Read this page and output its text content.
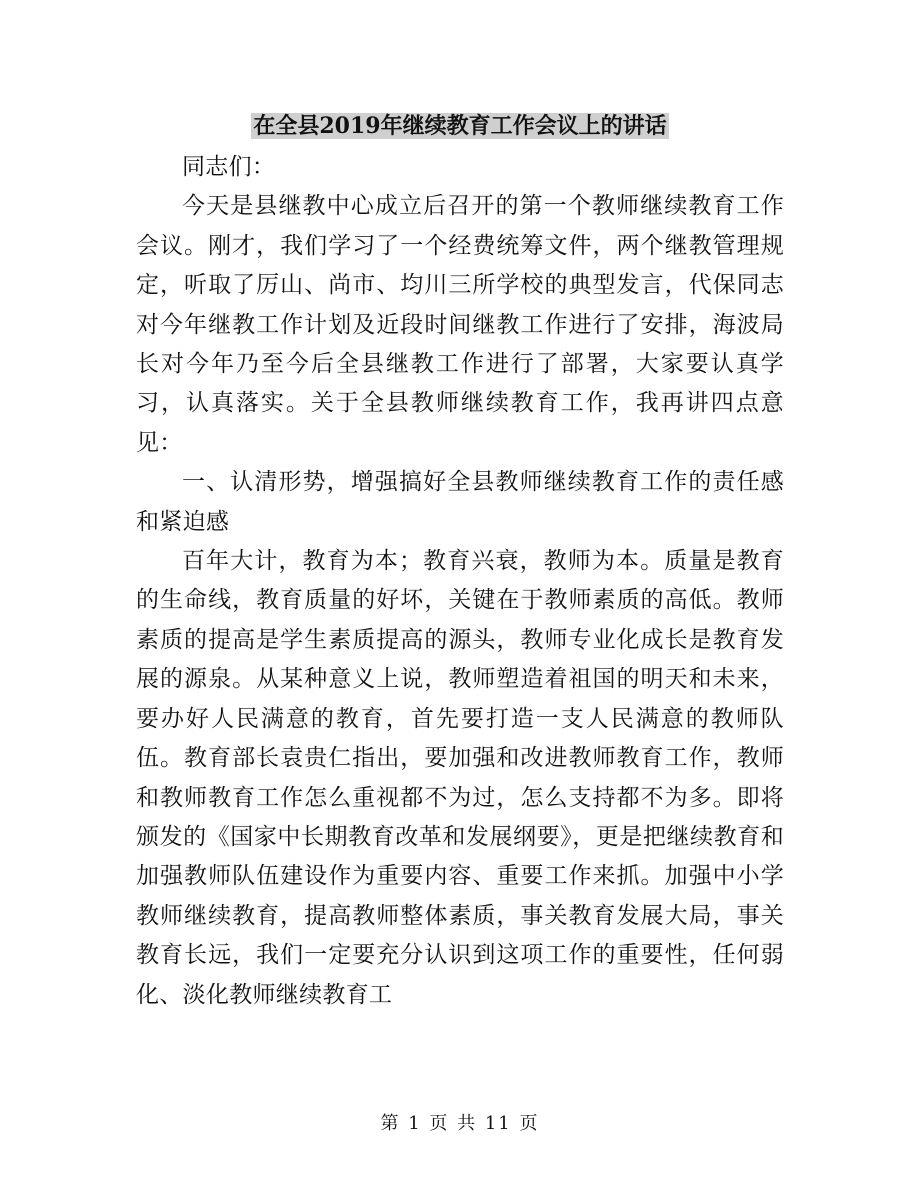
在全县2019年继续教育工作会议上的讲话

同志们：

今天是县继教中心成立后召开的第一个教师继续教育工作会议。刚才，我们学习了一个经费统筹文件，两个继教管理规定，听取了厉山、尚市、均川三所学校的典型发言，代保同志对今年继教工作计划及近段时间继教工作进行了安排，海波局长对今年乃至今后全县继教工作进行了部署，大家要认真学习，认真落实。关于全县教师继续教育工作，我再讲四点意见：

一、认清形势，增强搞好全县教师继续教育工作的责任感和紧迫感

百年大计，教育为本；教育兴衰，教师为本。质量是教育的生命线，教育质量的好坏，关键在于教师素质的高低。教师素质的提高是学生素质提高的源头，教师专业化成长是教育发展的源泉。从某种意义上说，教师塑造着祖国的明天和未来，要办好人民满意的教育，首先要打造一支人民满意的教师队伍。教育部长袁贵仁指出，要加强和改进教师教育工作，教师和教师教育工作怎么重视都不为过，怎么支持都不为多。即将颁发的《国家中长期教育改革和发展纲要》，更是把继续教育和加强教师队伍建设作为重要内容、重要工作来抓。加强中小学教师继续教育，提高教师整体素质，事关教育发展大局，事关教育长远，我们一定要充分认识到这项工作的重要性，任何弱化、淡化教师继续教育工

第 1 页 共 11 页
